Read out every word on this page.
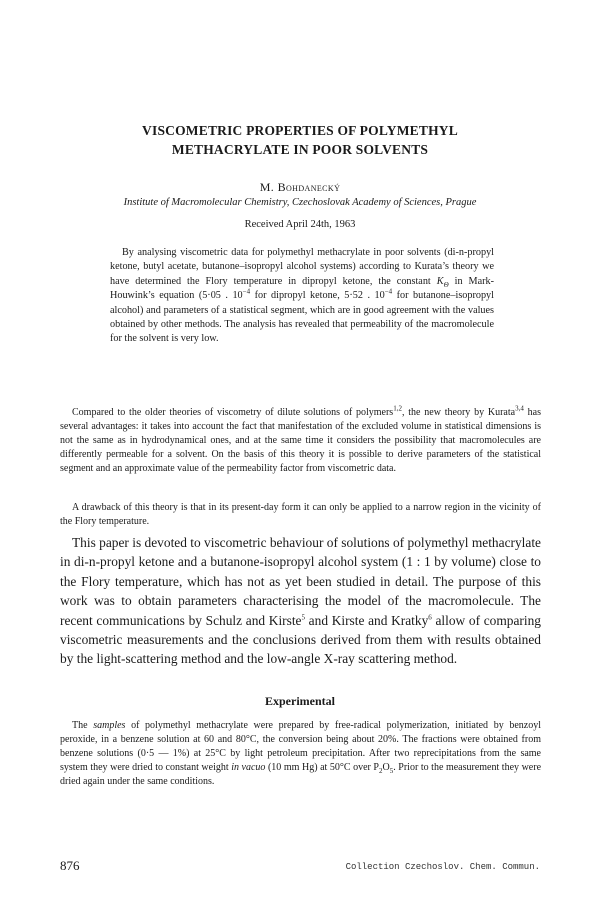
VISCOMETRIC PROPERTIES OF POLYMETHYL
METHACRYLATE IN POOR SOLVENTS
M. Bohdanecký
Institute of Macromolecular Chemistry, Czechoslovak Academy of Sciences, Prague
Received April 24th, 1963

By analysing viscometric data for polymethyl methacrylate in poor solvents (di-n-propyl ketone, butyl acetate, butanone–isopropyl alcohol systems) according to Kurata’s theory we have determined the Flory temperature in dipropyl ketone, the constant $K_\Theta$ in Mark-Houwink’s equation (5·05 . $10^{-4}$ for dipropyl ketone, 5·52 . $10^{-4}$ for butanone–isopropyl alcohol) and parameters of a statistical segment, which are in good agreement with the values obtained by other methods. The analysis has revealed that permeability of the macromolecule for the solvent is very low.

Compared to the older theories of viscometry of dilute solutions of polymers$^{1,2}$, the new theory by Kurata$^{3,4}$ has several advantages: it takes into account the fact that manifestation of the excluded volume in statistical dimensions is not the same as in hydrodynamical ones, and at the same time it considers the possibility that macromolecules are differently permeable for a solvent. On the basis of this theory it is possible to derive parameters of the statistical segment and an approximate value of the permeability factor from viscometric data.

A drawback of this theory is that in its present-day form it can only be applied to a narrow region in the vicinity of the Flory temperature.

This paper is devoted to viscometric behaviour of solutions of polymethyl methacrylate in di-n-propyl ketone and a butanone-isopropyl alcohol system (1 : 1 by volume) close to the Flory temperature, which has not as yet been studied in detail. The purpose of this work was to obtain parameters characterising the model of the macromolecule. The recent communications by Schulz and Kirste$^5$ and Kirste and Kratky$^6$ allow of comparing viscometric measurements and the conclusions derived from them with results obtained by the light-scattering method and the low-angle X-ray scattering method.

Experimental

The samples of polymethyl methacrylate were prepared by free-radical polymerization, initiated by benzoyl peroxide, in a benzene solution at 60 and 80°C, the conversion being about 20%. The fractions were obtained from benzene solutions (0·5 — 1%) at 25°C by light petroleum precipitation. After two reprecipitations from the same system they were dried to constant weight in vacuo (10 mm Hg) at 50°C over $P_2O_5$. Prior to the measurement they were dried again under the same conditions.

876	Collection Czechoslov. Chem. Commun.
